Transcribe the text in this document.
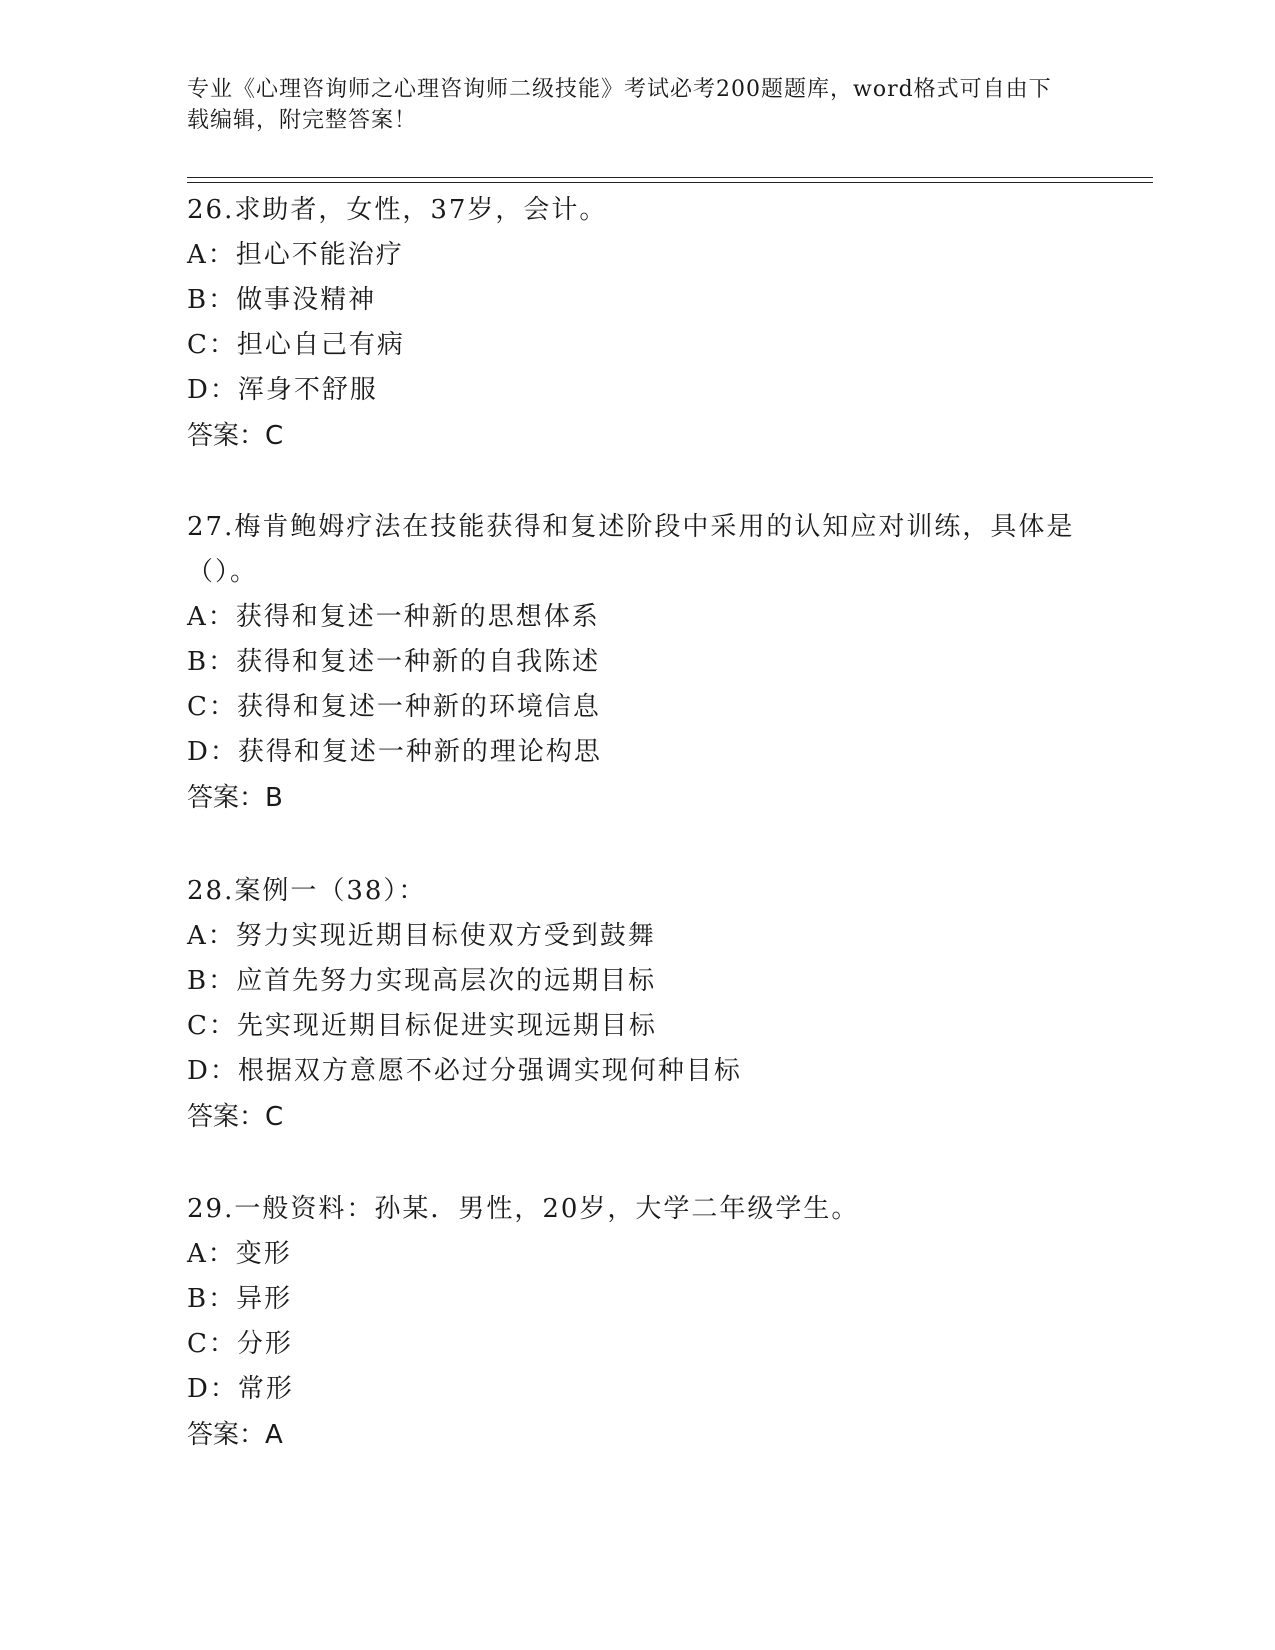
专业《心理咨询师之心理咨询师二级技能》考试必考200题题库，word格式可自由下载编辑，附完整答案！

26.求助者，女性，37岁，会计。

A：担心不能治疗

B：做事没精神

C：担心自己有病

D：浑身不舒服

答案：C

27.梅肯鲍姆疗法在技能获得和复述阶段中采用的认知应对训练，具体是（）。

A：获得和复述一种新的思想体系

B：获得和复述一种新的自我陈述

C：获得和复述一种新的环境信息

D：获得和复述一种新的理论构思

答案：B

28.案例一（38）：

A：努力实现近期目标使双方受到鼓舞

B：应首先努力实现高层次的远期目标

C：先实现近期目标促进实现远期目标

D：根据双方意愿不必过分强调实现何种目标

答案：C

29.一般资料：孙某．男性，20岁，大学二年级学生。

A：变形

B：异形

C：分形

D：常形

答案：A
